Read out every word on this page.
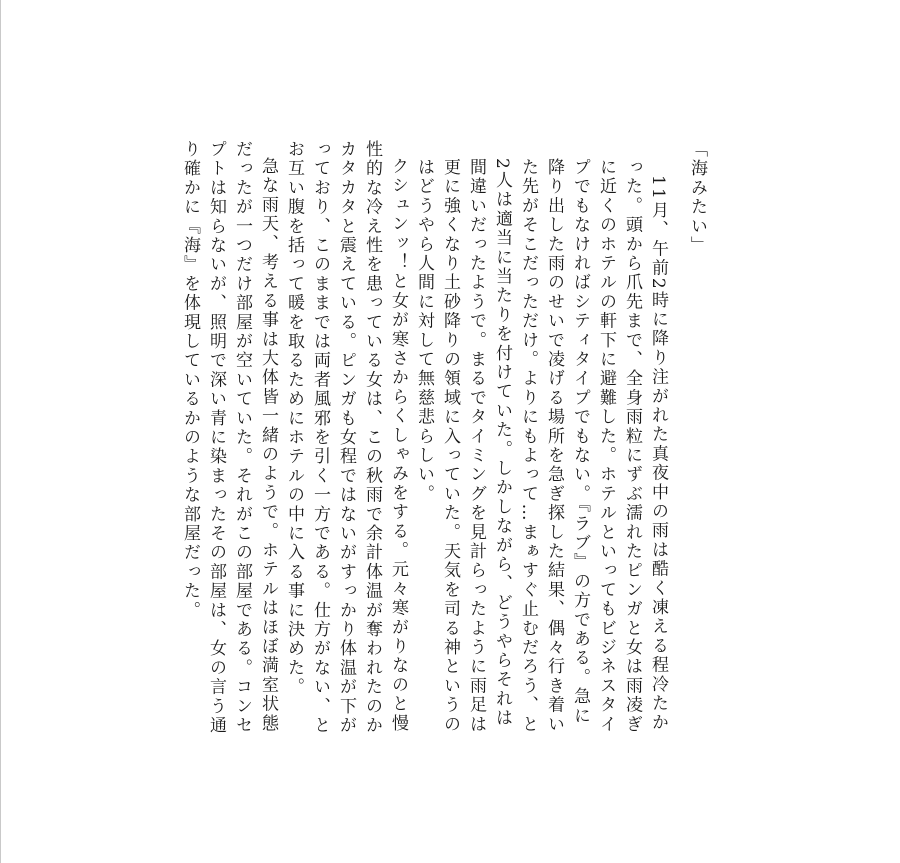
「海みたい」

11月、午前2時に降り注がれた真夜中の雨は酷く凍える程冷たかった。頭から爪先まで、全身雨粒にずぶ濡れたピンガと女は雨凌ぎに近くのホテルの軒下に避難した。ホテルといってもビジネスタイプでもなければシティタイプでもない。『ラブ』の方である。急に降り出した雨のせいで凌げる場所を急ぎ探した結果、偶々行き着いた先がそこだっただけ。よりにもよって…まぁすぐ止むだろう、と2人は適当に当たりを付けていた。しかしながら、どうやらそれは間違いだったようで。まるでタイミングを見計らったように雨足は更に強くなり土砂降りの領域に入っていた。天気を司る神というのはどうやら人間に対して無慈悲らしい。

クシュンッ！と女が寒さからくしゃみをする。元々寒がりなのと慢性的な冷え性を患っている女は、この秋雨で余計体温が奪われたのかカタカタと震えている。ピンガも女程ではないがすっかり体温が下がっており、このままでは両者風邪を引く一方である。仕方がない、とお互い腹を括って暖を取るためにホテルの中に入る事に決めた。

急な雨天、考える事は大体皆一緒のようで。ホテルはほぼ満室状態だったが一つだけ部屋が空いていた。それがこの部屋である。コンセプトは知らないが、照明で深い青に染まったその部屋は、女の言う通り確かに『海』を体現しているかのような部屋だった。
